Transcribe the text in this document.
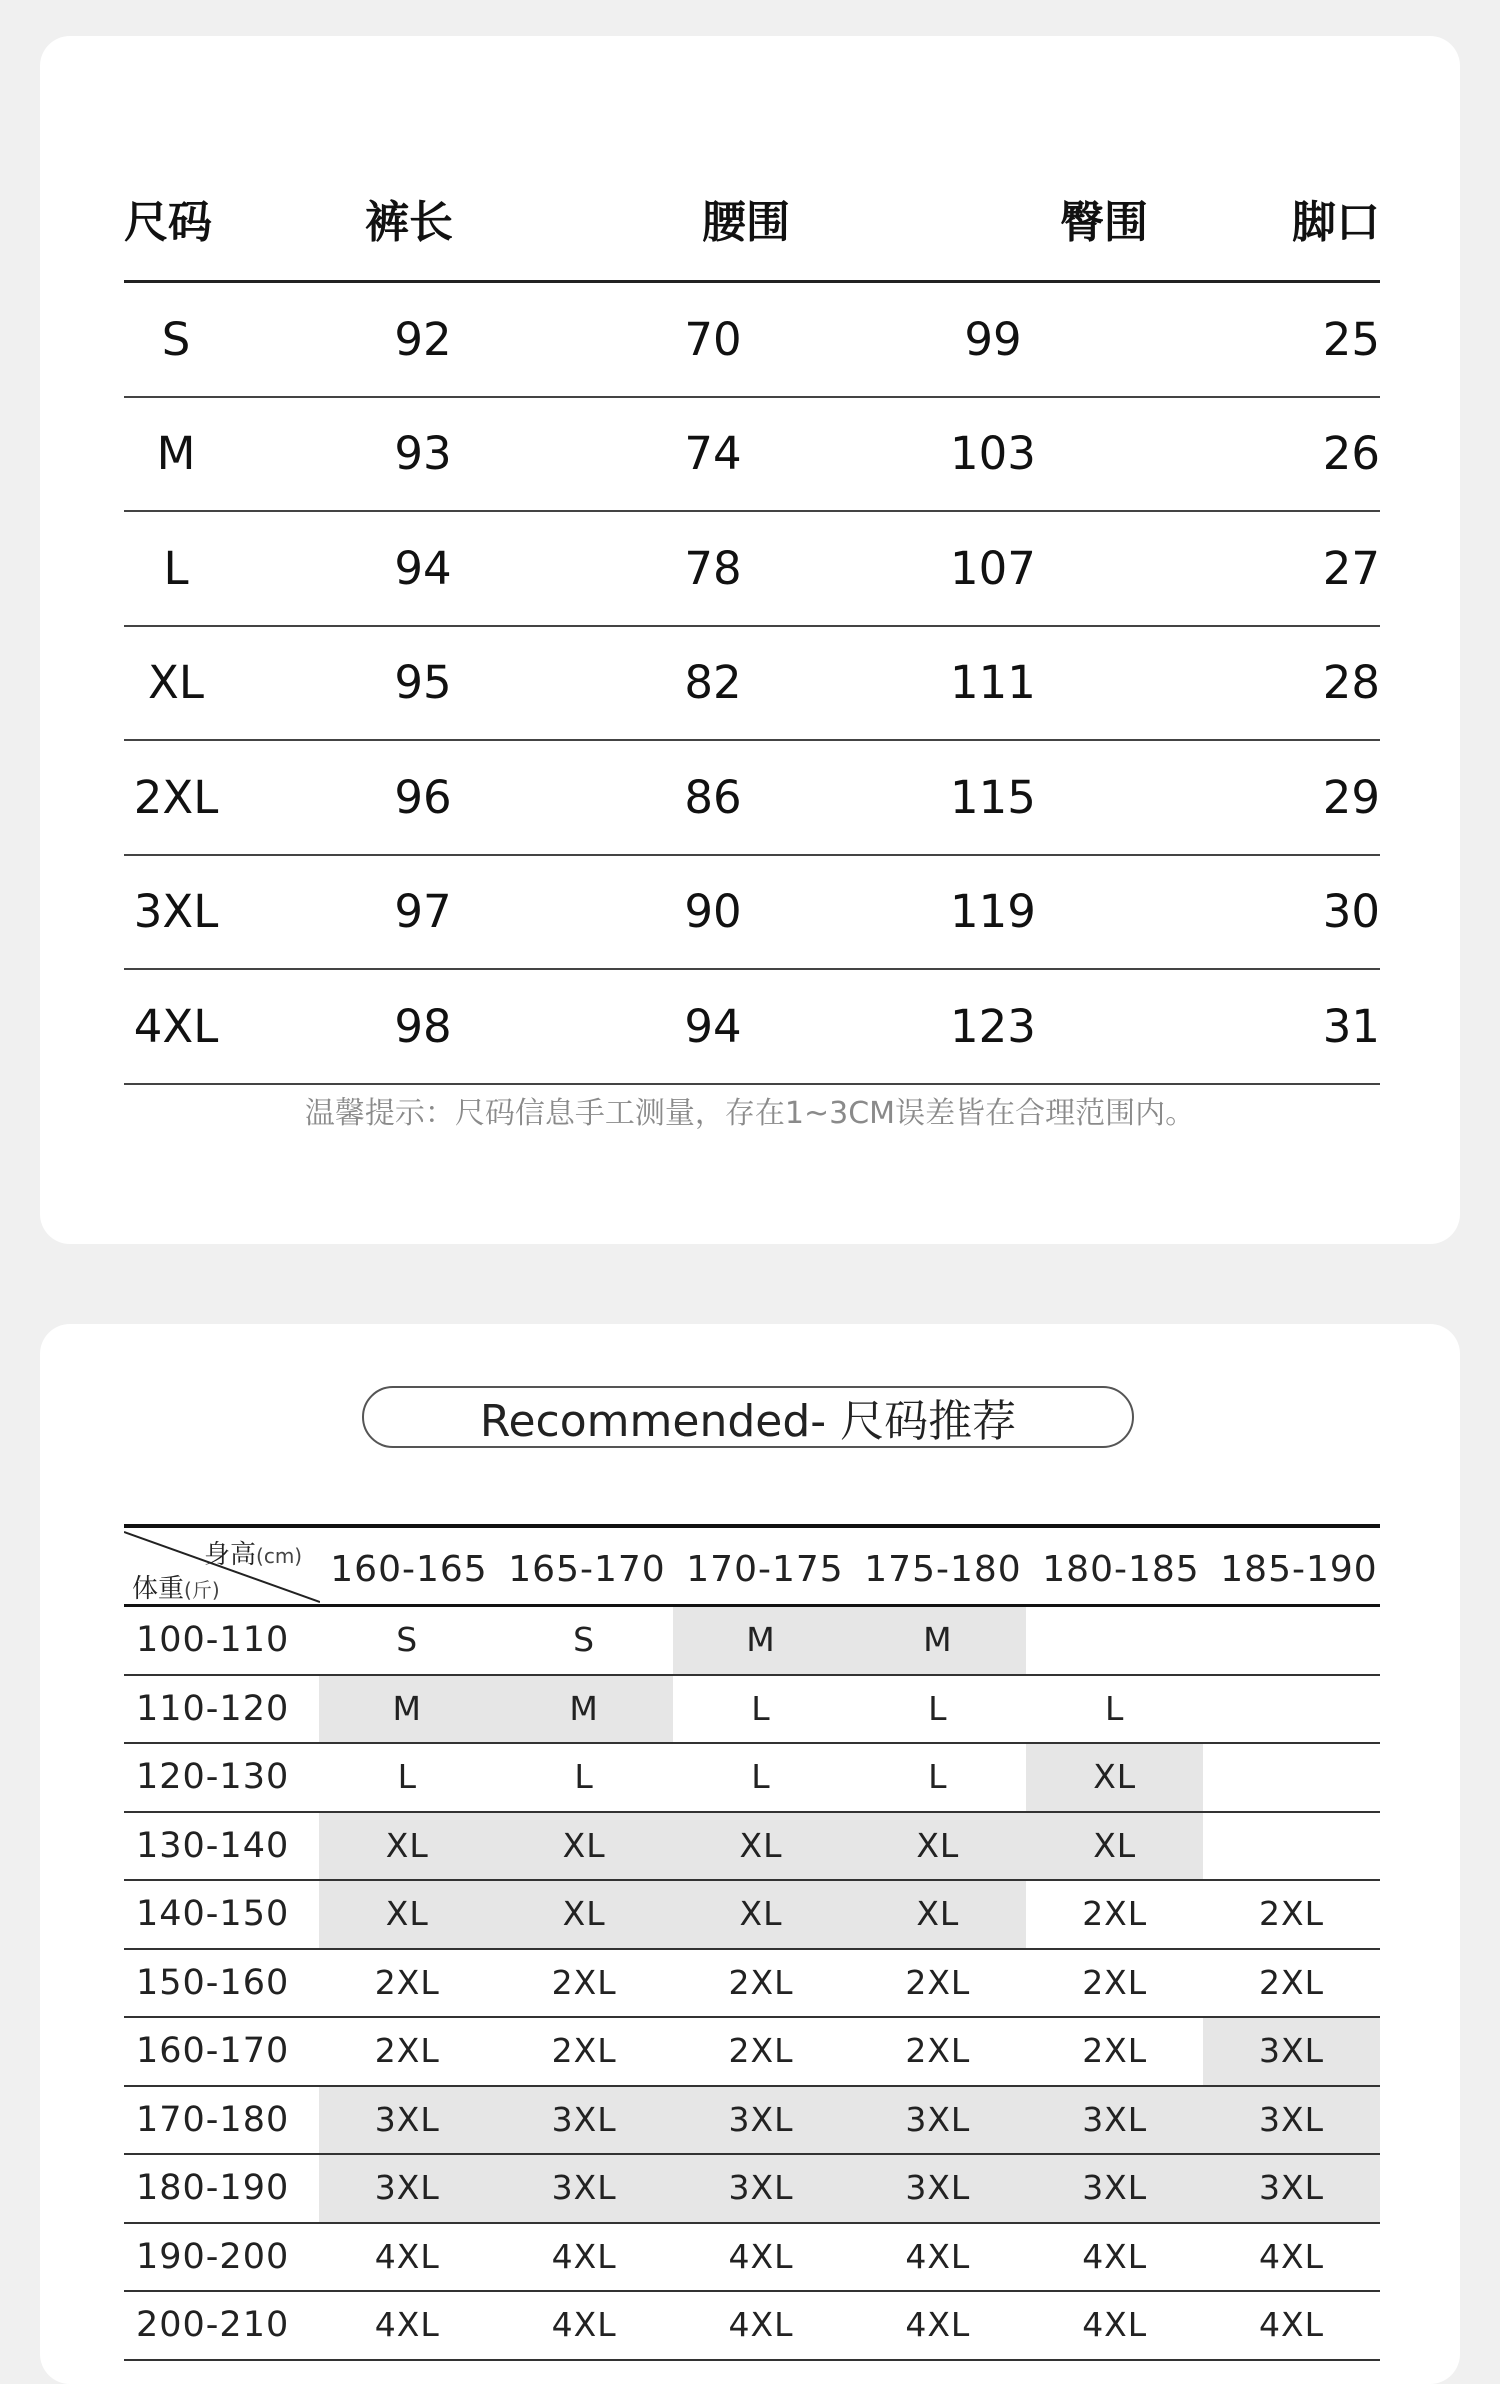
尺码	裤长	腰围	臀围	脚口
S	92	70	99	25
M	93	74	103	26
L	94	78	107	27
XL	95	82	111	28
2XL	96	86	115	29
3XL	97	90	119	30
4XL	98	94	123	31
温馨提示：尺码信息手工测量，存在1~3CM误差皆在合理范围内。
Recommended- 尺码推荐
身高(cm)
体重(斤)	160-165 165-170 170-175 175-180 180-185 185-190
100-110	S	S	M	M
110-120	M	M	L	L	L
120-130	L	L	L	L	XL
130-140	XL	XL	XL	XL	XL
140-150	XL	XL	XL	XL	2XL	2XL
150-160	2XL	2XL	2XL	2XL	2XL	2XL
160-170	2XL	2XL	2XL	2XL	2XL	3XL
170-180	3XL	3XL	3XL	3XL	3XL	3XL
180-190	3XL	3XL	3XL	3XL	3XL	3XL
190-200	4XL	4XL	4XL	4XL	4XL	4XL
200-210	4XL	4XL	4XL	4XL	4XL	4XL
